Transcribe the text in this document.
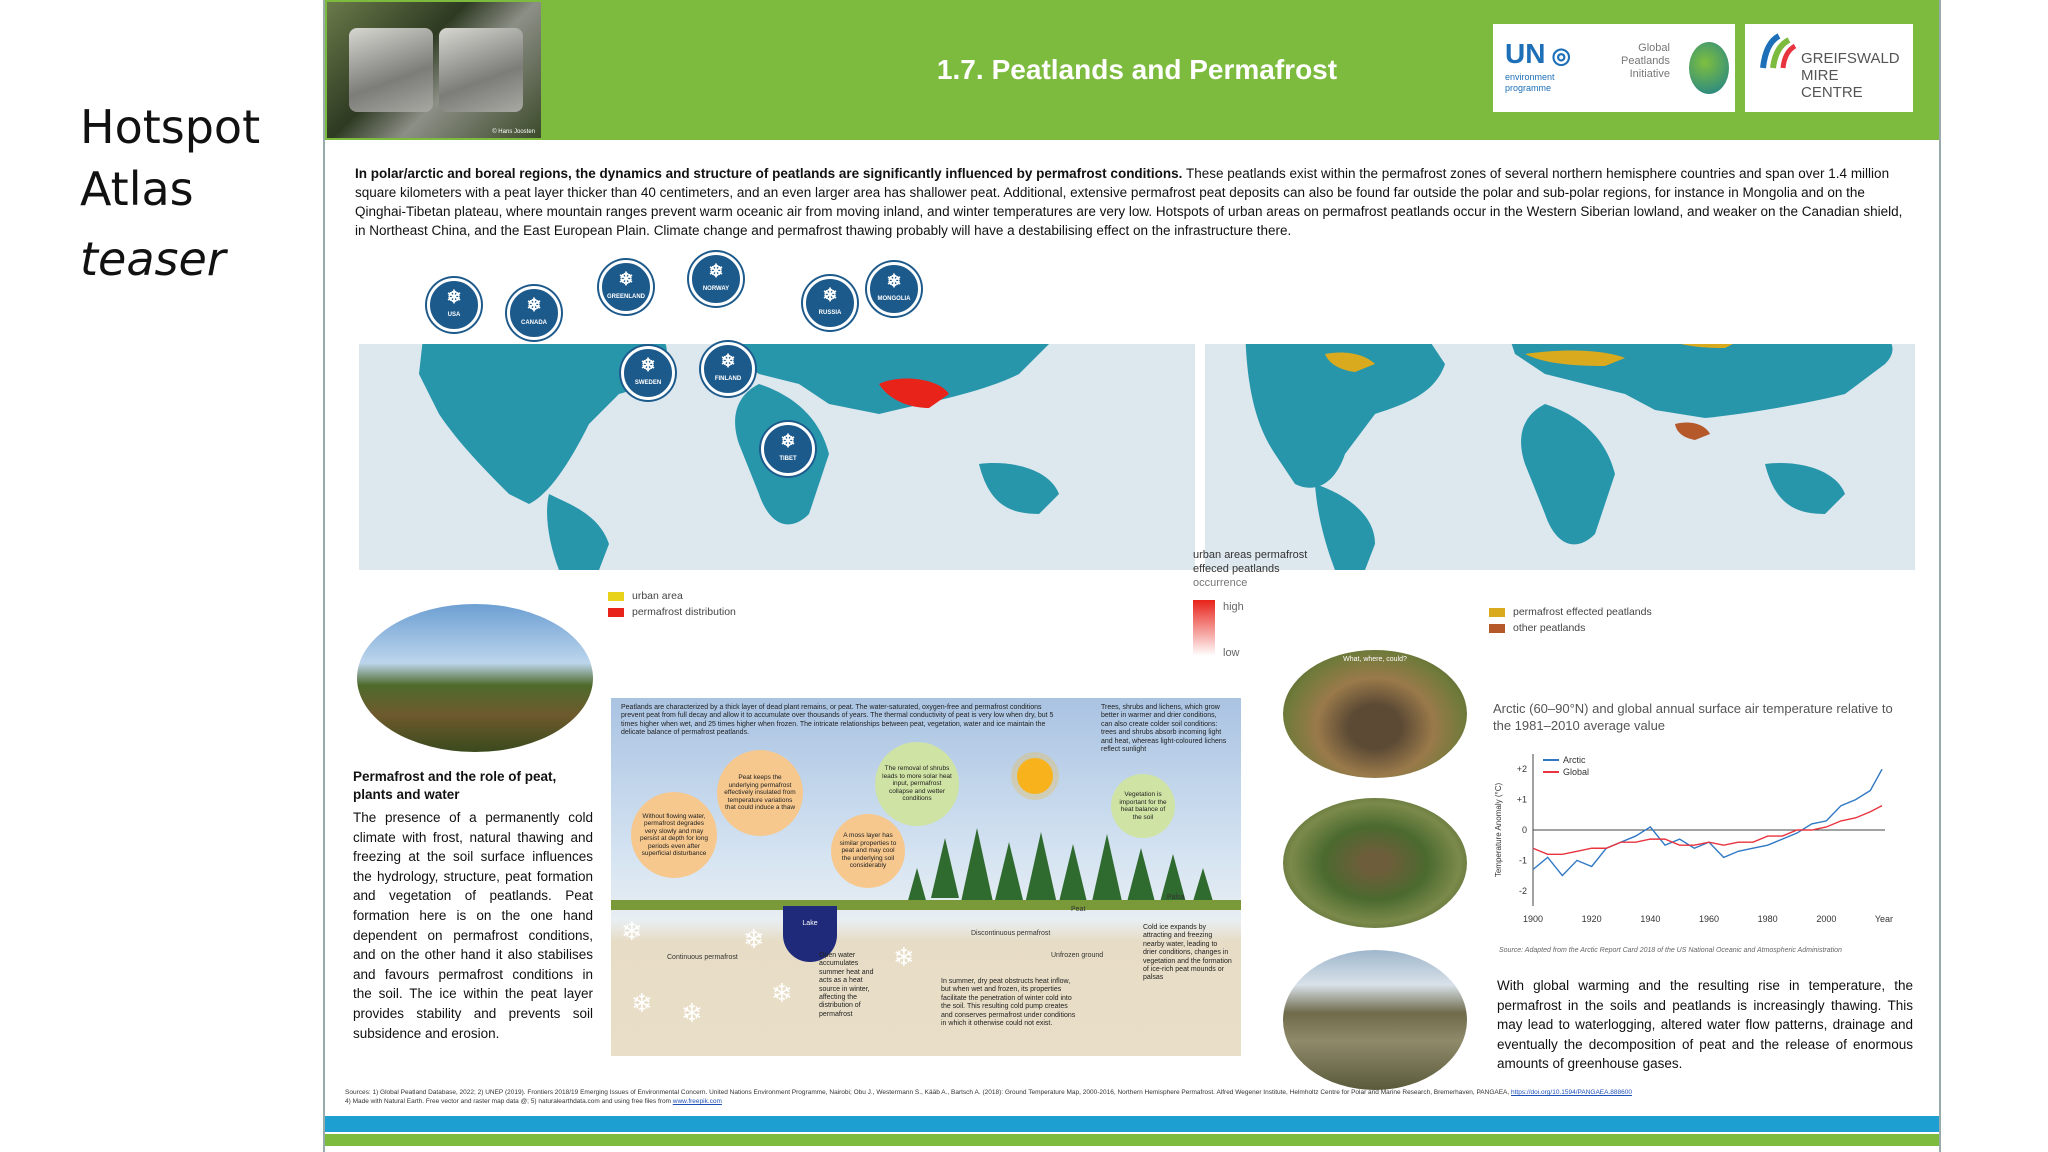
Hotspot
Atlas
teaser
© Hans Joosten
1.7. Peatlands and Permafrost
UN ◎
environment
programme
Global
Peatlands
Initiative
GREIFSWALD
MIRE
CENTRE
In polar/arctic and boreal regions, the dynamics and structure of peatlands are significantly influenced by permafrost conditions. These peatlands exist within the permafrost zones of several northern hemisphere countries and span over 1.4 million square kilometers with a peat layer thicker than 40 centimeters, and an even larger area has shallower peat. Additional, extensive permafrost peat deposits can also be found far outside the polar and sub-polar regions, for instance in Mongolia and on the Qinghai-Tibetan plateau, where mountain ranges prevent warm oceanic air from moving inland, and winter temperatures are very low. Hotspots of urban areas on permafrost peatlands occur in the Western Siberian lowland, and weaker on the Canadian shield, in Northeast China, and the East European Plain. Climate change and permafrost thawing probably will have a destabilising effect on the infrastructure there.
❄
USA	❄
CANADA
❄
GREENLAND
❄
NORWAY
❄
SWEDEN
❄
FINLAND
❄
RUSSIA
❄
MONGOLIA
❄
TIBET
urban area
permafrost distribution
urban areas permafrost
effeced peatlands
occurrence
high
low
permafrost effected peatlands
other peatlands
What, where, could?
Permafrost and the role of peat, plants and water
The presence of a permanently cold climate with frost, natural thawing and freezing at the soil surface influences the hydrology, structure, peat formation and vegetation of peatlands. Peat formation here is on the one hand dependent on permafrost conditions, and on the other hand it also stabilises and favours permafrost conditions in the soil. The ice within the peat layer provides stability and prevents soil subsidence and erosion.
Peatlands are characterized by a thick layer of dead plant remains, or peat. The water-saturated, oxygen-free and permafrost conditions prevent peat from full decay and allow it to accumulate over thousands of years. The thermal conductivity of peat is very low when dry, but 5 times higher when wet, and 25 times higher when frozen. The intricate relationships between peat, vegetation, water and ice maintain the delicate balance of permafrost peatlands.
Trees, shrubs and lichens, which grow better in warmer and drier conditions, can also create colder soil conditions: trees and shrubs absorb incoming light and heat, whereas light-coloured lichens reflect sunlight
Peat keeps the underlying permafrost effectively insulated from temperature variations that could induce a thaw
Without flowing water, permafrost degrades very slowly and may persist at depth for long periods even after superficial disturbance
The removal of shrubs leads to more solar heat input, permafrost collapse and wetter conditions
A moss layer has similar properties to peat and may cool the underlying soil considerably
Vegetation is important for the heat balance of the soil
Lake
Peat
Palsa
Continuous permafrost
Discontinuous permafrost
Unfrozen ground
Open water accumulates summer heat and acts as a heat source in winter, affecting the distribution of permafrost
In summer, dry peat obstructs heat inflow, but when wet and frozen, its properties facilitate the penetration of winter cold into the soil. This resulting cold pump creates and conserves permafrost under conditions in which it otherwise could not exist.
Cold ice expands by attracting and freezing nearby water, leading to drier conditions, changes in vegetation and the formation of ice-rich peat mounds or palsas
❄	❄
❄ ❄
❄
❄
Arctic (60–90°N) and global annual surface air temperature relative to the 1981–2010 average value
+2
+1
0
-1
-2
1900	1920	1940	1960	1980	2000	Year
Temperature Anomaly (°C)
Arctic
Global
Source: Adapted from the Arctic Report Card 2018 of the US National Oceanic and Atmospheric Administration
With global warming and the resulting rise in temperature, the permafrost in the soils and peatlands is increasingly thawing. This may lead to waterlogging, altered water flow patterns, drainage and eventually the decomposition of peat and the release of enormous amounts of greenhouse gases.
Sources: 1) Global Peatland Database, 2022; 2) UNEP (2019). Frontiers 2018/19 Emerging Issues of Environmental Concern. United Nations Environment Programme, Nairobi; Obu J., Westermann S., Kääb A., Bartsch A. (2018): Ground Temperature Map, 2000-2016, Northern Hemisphere Permafrost. Alfred Wegener Institute, Helmholtz Centre for Polar and Marine Research, Bremerhaven, PANGAEA, https://doi.org/10.1594/PANGAEA.888600
4) Made with Natural Earth. Free vector and raster map data @; 5) naturalearthdata.com and using free files from www.freepik.com
